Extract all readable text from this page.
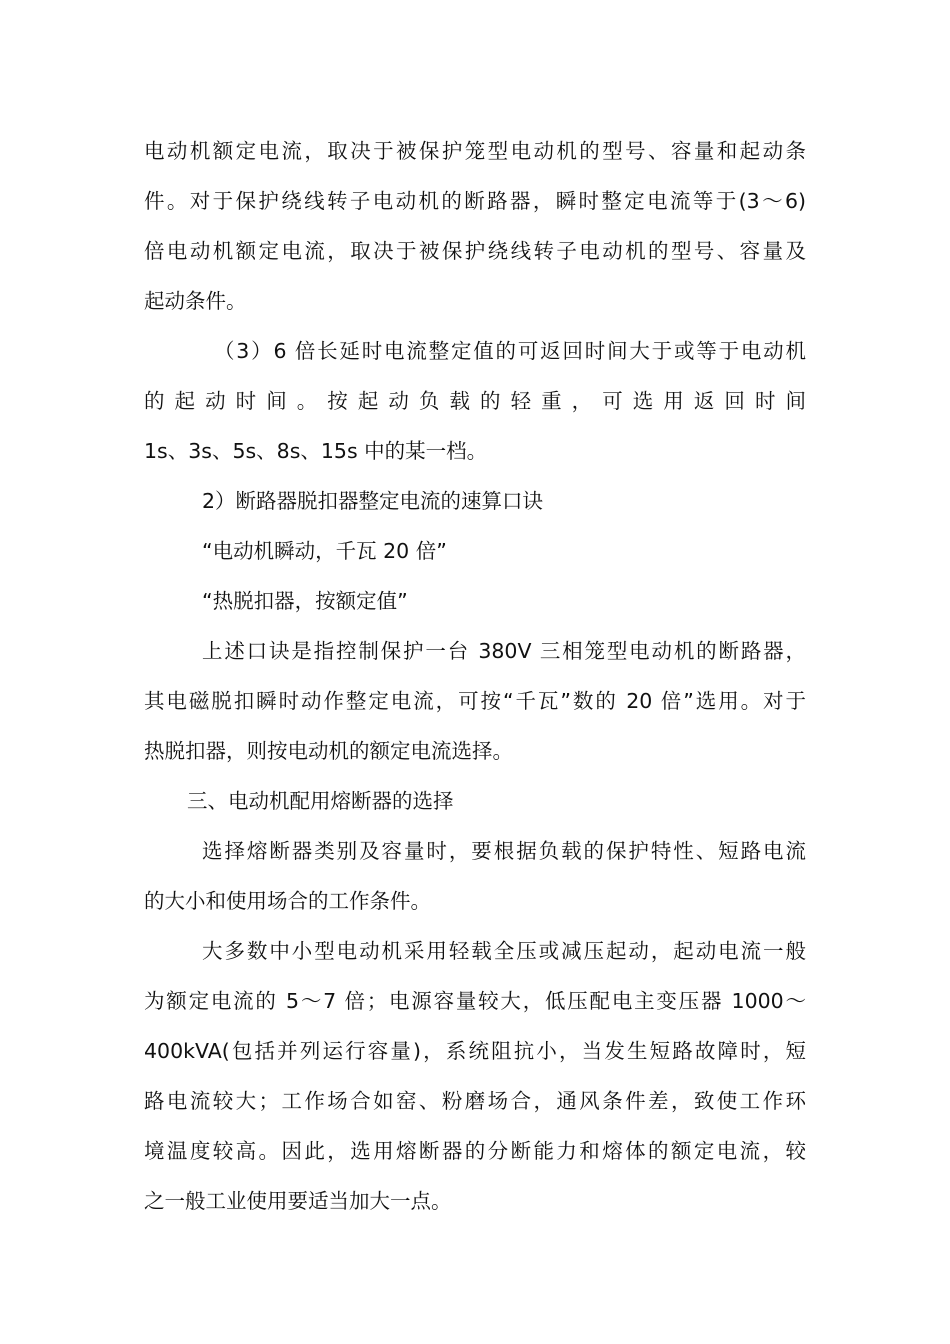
电动机额定电流，取决于被保护笼型电动机的型号、容量和起动条
件。对于保护绕线转子电动机的断路器，瞬时整定电流等于(3～6)
倍电动机额定电流，取决于被保护绕线转子电动机的型号、容量及
起动条件。
（3）6 倍长延时电流整定值的可返回时间大于或等于电动机
的 起 动 时 间 。 按 起 动 负 载 的 轻 重 ， 可 选 用 返 回 时 间
1s、3s、5s、8s、15s 中的某一档。
2）断路器脱扣器整定电流的速算口诀
“电动机瞬动，千瓦 20 倍”
“热脱扣器，按额定值”
上述口诀是指控制保护一台 380V 三相笼型电动机的断路器，
其电磁脱扣瞬时动作整定电流，可按“千瓦”数的 20 倍”选用。对于
热脱扣器，则按电动机的额定电流选择。
三、电动机配用熔断器的选择
选择熔断器类别及容量时，要根据负载的保护特性、短路电流
的大小和使用场合的工作条件。
大多数中小型电动机采用轻载全压或减压起动，起动电流一般
为额定电流的 5～7 倍；电源容量较大，低压配电主变压器 1000～
400kVA(包括并列运行容量)，系统阻抗小，当发生短路故障时，短
路电流较大；工作场合如窑、粉磨场合，通风条件差，致使工作环
境温度较高。因此，选用熔断器的分断能力和熔体的额定电流，较
之一般工业使用要适当加大一点。
